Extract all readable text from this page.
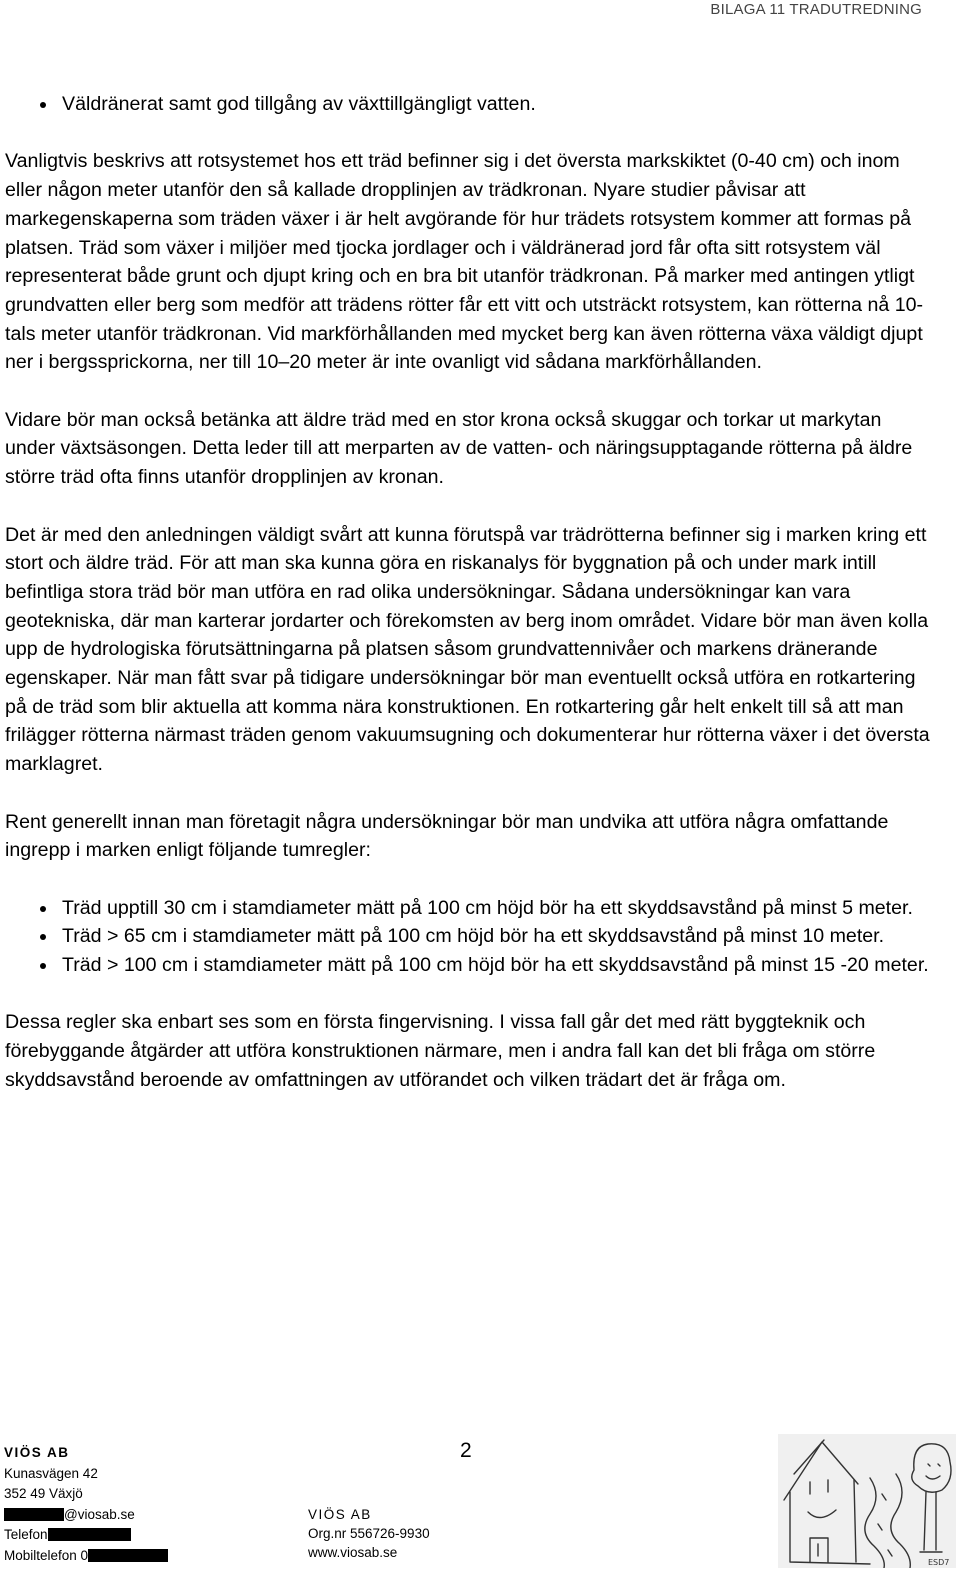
BILAGA 11 TRADUTREDNING
Väldränerat samt god tillgång av växttillgängligt vatten.

Vanligtvis beskrivs att rotsystemet hos ett träd befinner sig i det översta markskiktet (0-40 cm) och inom eller någon meter utanför den så kallade dropplinjen av trädkronan. Nyare studier påvisar att markegenskaperna som träden växer i är helt avgörande för hur trädets rotsystem kommer att formas på platsen. Träd som växer i miljöer med tjocka jordlager och i väldränerad jord får ofta sitt rotsystem väl representerat både grunt och djupt kring och en bra bit utanför trädkronan. På marker med antingen ytligt grundvatten eller berg som medför att trädens rötter får ett vitt och utsträckt rotsystem, kan rötterna nå 10-tals meter utanför trädkronan. Vid markförhållanden med mycket berg kan även rötterna växa väldigt djupt ner i bergssprickorna, ner till 10–20 meter är inte ovanligt vid sådana markförhållanden.

Vidare bör man också betänka att äldre träd med en stor krona också skuggar och torkar ut markytan under växtsäsongen. Detta leder till att merparten av de vatten- och näringsupptagande rötterna på äldre större träd ofta finns utanför dropplinjen av kronan.

Det är med den anledningen väldigt svårt att kunna förutspå var trädrötterna befinner sig i marken kring ett stort och äldre träd. För att man ska kunna göra en riskanalys för byggnation på och under mark intill befintliga stora träd bör man utföra en rad olika undersökningar. Sådana undersökningar kan vara geotekniska, där man karterar jordarter och förekomsten av berg inom området. Vidare bör man även kolla upp de hydrologiska förutsättningarna på platsen såsom grundvattennivåer och markens dränerande egenskaper. När man fått svar på tidigare undersökningar bör man eventuellt också utföra en rotkartering på de träd som blir aktuella att komma nära konstruktionen. En rotkartering går helt enkelt till så att man frilägger rötterna närmast träden genom vakuumsugning och dokumenterar hur rötterna växer i det översta marklagret.

Rent generellt innan man företagit några undersökningar bör man undvika att utföra några omfattande ingrepp i marken enligt följande tumregler:

Träd upptill 30 cm i stamdiameter mätt på 100 cm höjd bör ha ett skyddsavstånd på minst 5 meter.
Träd > 65 cm i stamdiameter mätt på 100 cm höjd bör ha ett skyddsavstånd på minst 10 meter.
Träd > 100 cm i stamdiameter mätt på 100 cm höjd bör ha ett skyddsavstånd på minst 15 -20 meter.

Dessa regler ska enbart ses som en första fingervisning. I vissa fall går det med rätt byggteknik och förebyggande åtgärder att utföra konstruktionen närmare, men i andra fall kan det bli fråga om större skyddsavstånd beroende av omfattningen av utförandet och vilken trädart det är fråga om.

VIÖS AB
Kunasvägen 42
352 49 Växjö
@viosab.se
Telefon
Mobiltelefon 0
2
VIÖS AB
Org.nr 556726-9930
www.viosab.se
ESD7
